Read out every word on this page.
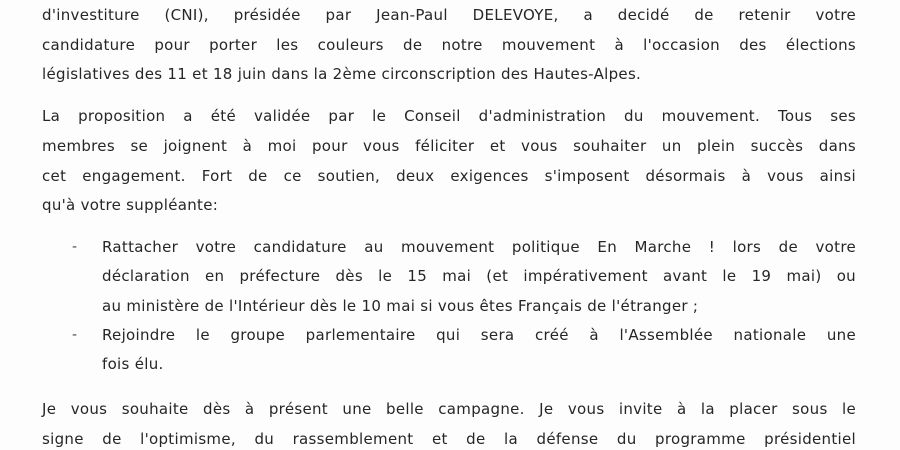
d'investiture (CNI), présidée par Jean-Paul DELEVOYE, a decidé de retenir votre
candidature pour porter les couleurs de notre mouvement à l'occasion des élections
législatives des 11 et 18 juin dans la 2ème circonscription des Hautes-Alpes.
La proposition a été validée par le Conseil d'administration du mouvement. Tous ses
membres se joignent à moi pour vous féliciter et vous souhaiter un plein succès dans
cet engagement. Fort de ce soutien, deux exigences s'imposent désormais à vous ainsi
qu'à votre suppléante:
- Rattacher votre candidature au mouvement politique En Marche ! lors de votre
déclaration en préfecture dès le 15 mai (et impérativement avant le 19 mai) ou
au ministère de l'Intérieur dès le 10 mai si vous êtes Français de l'étranger ;
- Rejoindre le groupe parlementaire qui sera créé à l'Assemblée nationale une
fois élu.
Je vous souhaite dès à présent une belle campagne. Je vous invite à la placer sous le
signe de l'optimisme, du rassemblement et de la défense du programme présidentiel
